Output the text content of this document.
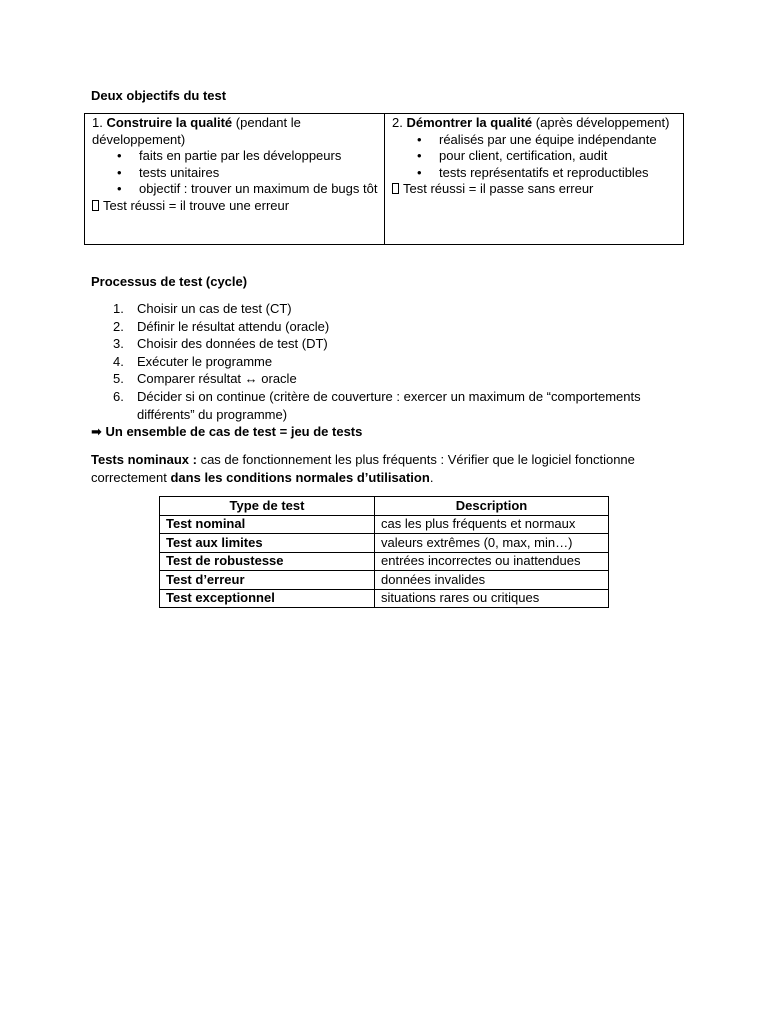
Deux objectifs du test
1. Construire la qualité (pendant le développement)
• faits en partie par les développeurs
• tests unitaires
• objectif : trouver un maximum de bugs tôt
Test réussi = il trouve une erreur
2. Démontrer la qualité (après développement)
• réalisés par une équipe indépendante
• pour client, certification, audit
• tests représentatifs et reproductibles
Test réussi = il passe sans erreur
Processus de test (cycle)
1. Choisir un cas de test (CT)
2. Définir le résultat attendu (oracle)
3. Choisir des données de test (DT)
4. Exécuter le programme
5. Comparer résultat ↔ oracle
6. Décider si on continue (critère de couverture : exercer un maximum de “comportements différents” du programme)
➡ Un ensemble de cas de test = jeu de tests
Tests nominaux : cas de fonctionnement les plus fréquents : Vérifier que le logiciel fonctionne correctement dans les conditions normales d’utilisation.
Type de test	Description
Test nominal	cas les plus fréquents et normaux
Test aux limites	valeurs extrêmes (0, max, min…)
Test de robustesse	entrées incorrectes ou inattendues
Test d’erreur	données invalides
Test exceptionnel	situations rares ou critiques
